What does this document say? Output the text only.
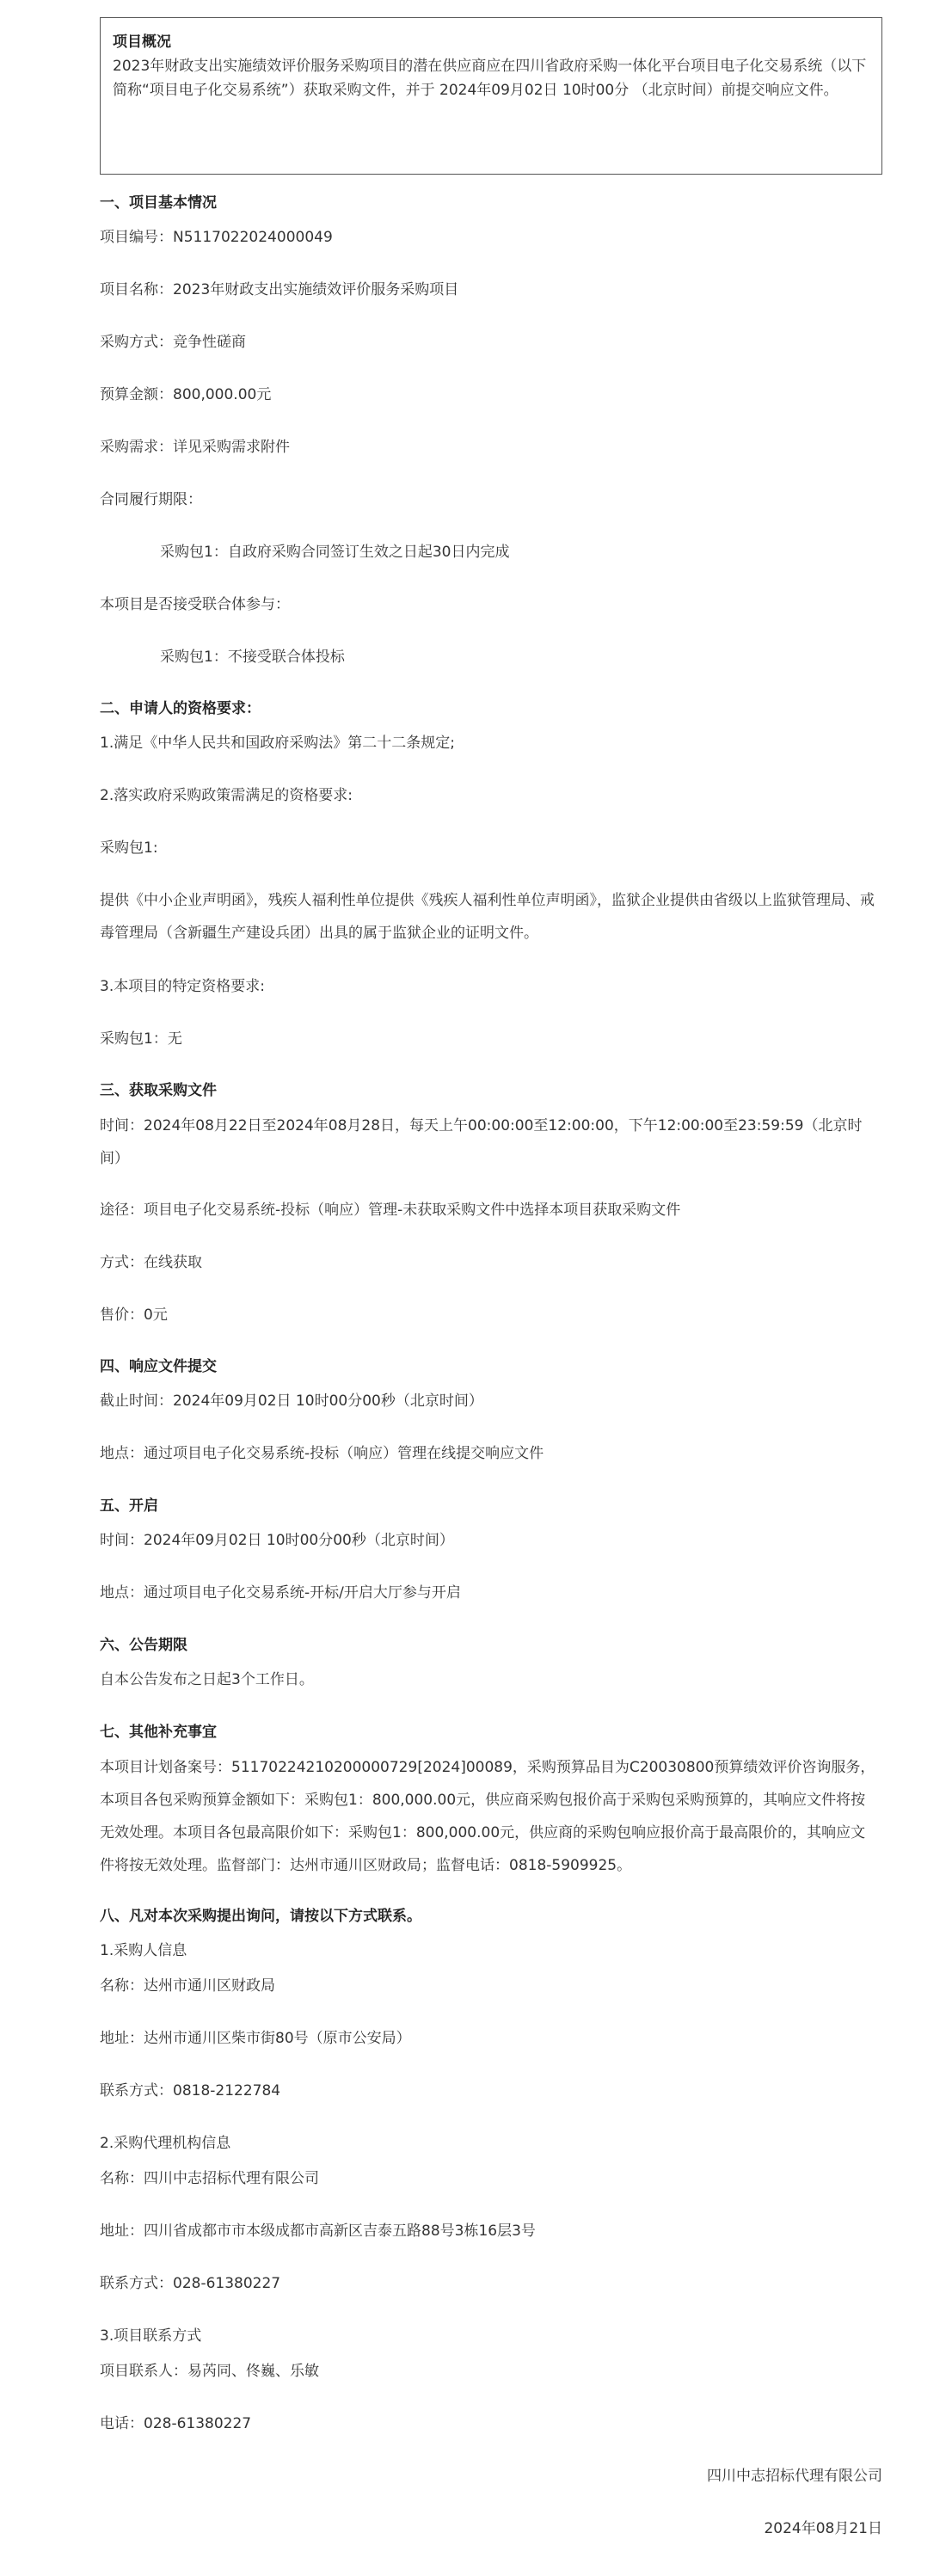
项目概况

2023年财政支出实施绩效评价服务采购项目的潜在供应商应在四川省政府采购一体化平台项目电子化交易系统（以下简称“项目电子化交易系统”）获取采购文件，并于 2024年09月02日 10时00分 （北京时间）前提交响应文件。

一、项目基本情况

项目编号：N5117022024000049

项目名称：2023年财政支出实施绩效评价服务采购项目

采购方式：竞争性磋商

预算金额：800,000.00元

采购需求：详见采购需求附件

合同履行期限：

采购包1：自政府采购合同签订生效之日起30日内完成

本项目是否接受联合体参与：

采购包1：不接受联合体投标

二、申请人的资格要求：

1.满足《中华人民共和国政府采购法》第二十二条规定;

2.落实政府采购政策需满足的资格要求:

采购包1:

提供《中小企业声明函》，残疾人福利性单位提供《残疾人福利性单位声明函》，监狱企业提供由省级以上监狱管理局、戒毒管理局（含新疆生产建设兵团）出具的属于监狱企业的证明文件。

3.本项目的特定资格要求:

采购包1：无

三、获取采购文件

时间：2024年08月22日至2024年08月28日，每天上午00:00:00至12:00:00，下午12:00:00至23:59:59（北京时间）

途径：项目电子化交易系统-投标（响应）管理-未获取采购文件中选择本项目获取采购文件

方式：在线获取

售价：0元

四、响应文件提交

截止时间：2024年09月02日 10时00分00秒（北京时间）

地点：通过项目电子化交易系统-投标（响应）管理在线提交响应文件

五、开启

时间：2024年09月02日 10时00分00秒（北京时间）

地点：通过项目电子化交易系统-开标/开启大厅参与开启

六、公告期限

自本公告发布之日起3个工作日。

七、其他补充事宜

本项目计划备案号：51170224210200000729[2024]00089，采购预算品目为C20030800预算绩效评价咨询服务，本项目各包采购预算金额如下：采购包1：800,000.00元，供应商采购包报价高于采购包采购预算的，其响应文件将按无效处理。本项目各包最高限价如下：采购包1：800,000.00元，供应商的采购包响应报价高于最高限价的，其响应文件将按无效处理。监督部门：达州市通川区财政局；监督电话：0818-5909925。

八、凡对本次采购提出询问，请按以下方式联系。

1.采购人信息

名称：达州市通川区财政局

地址：达州市通川区柴市街80号（原市公安局）

联系方式：0818-2122784

2.采购代理机构信息

名称：四川中志招标代理有限公司

地址：四川省成都市市本级成都市高新区吉泰五路88号3栋16层3号

联系方式：028-61380227

3.项目联系方式

项目联系人：易芮同、佟巍、乐敏

电话：028-61380227

四川中志招标代理有限公司

2024年08月21日
